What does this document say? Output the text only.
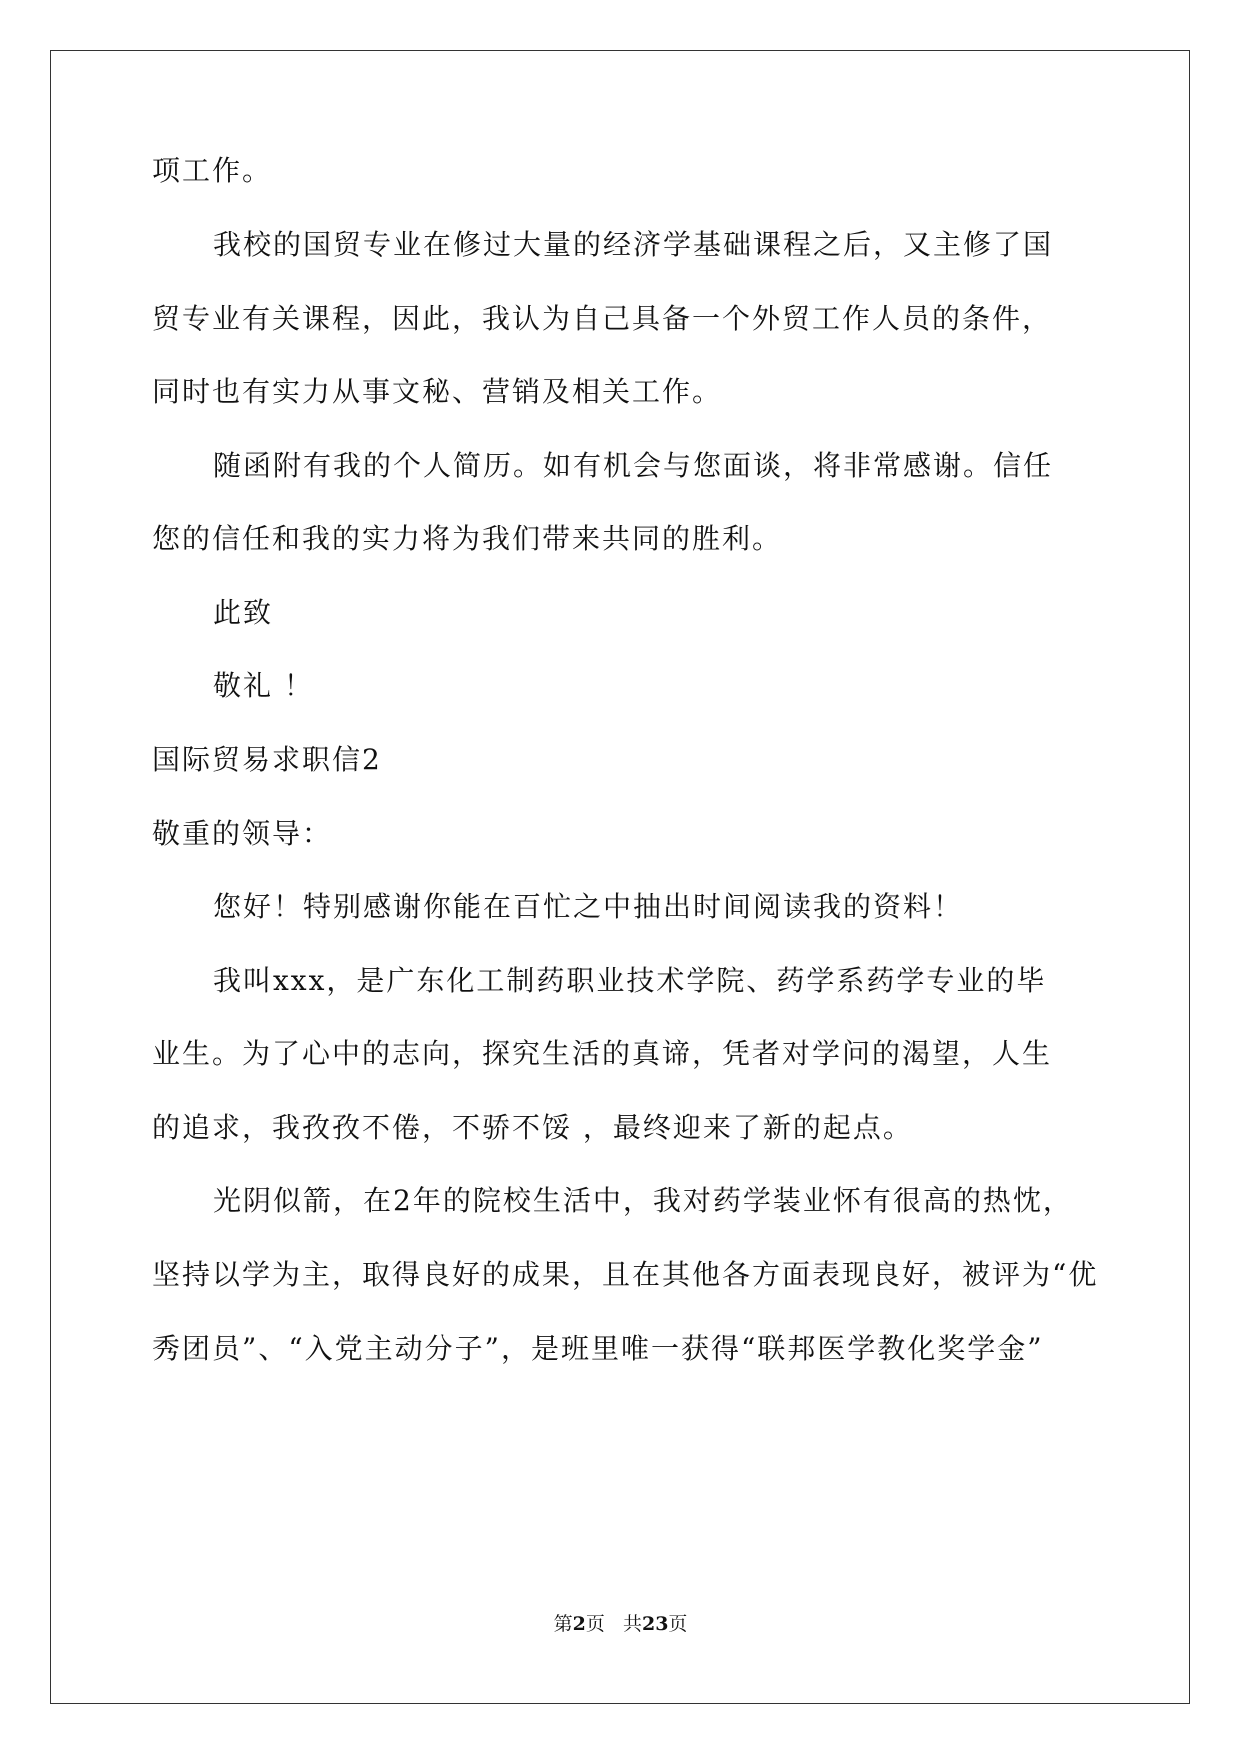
项工作。

我校的国贸专业在修过大量的经济学基础课程之后，又主修了国

贸专业有关课程，因此，我认为自己具备一个外贸工作人员的条件，

同时也有实力从事文秘、营销及相关工作。

随函附有我的个人简历。如有机会与您面谈，将非常感谢。信任

您的信任和我的实力将为我们带来共同的胜利。

此致

敬礼 ！

国际贸易求职信2

敬重的领导：

您好！特别感谢你能在百忙之中抽出时间阅读我的资料！

我叫xxx，是广东化工制药职业技术学院、药学系药学专业的毕

业生。为了心中的志向，探究生活的真谛，凭者对学问的渴望，人生

的追求，我孜孜不倦，不骄不馁 ，最终迎来了新的起点。

光阴似箭，在2年的院校生活中，我对药学装业怀有很高的热忱，

坚持以学为主，取得良好的成果，且在其他各方面表现良好，被评为“优

秀团员”、“入党主动分子”，是班里唯一获得“联邦医学教化奖学金”

第2页 共23页
